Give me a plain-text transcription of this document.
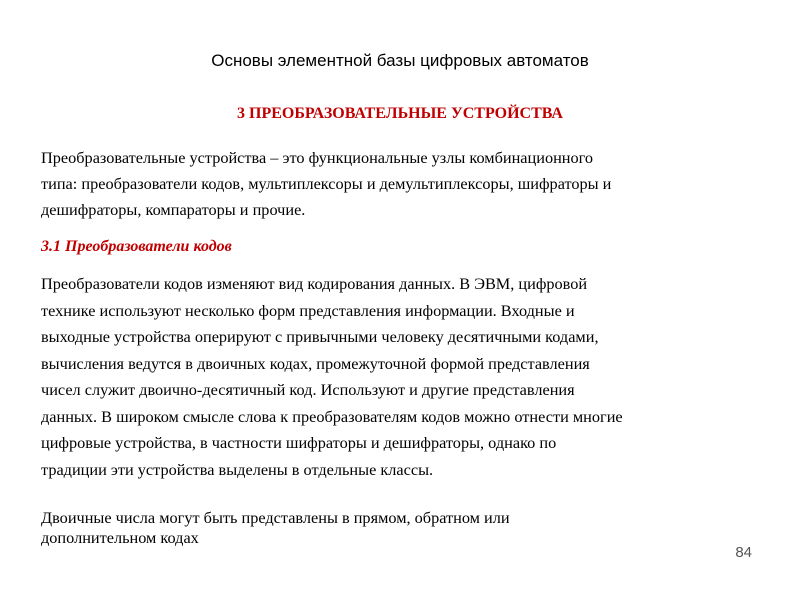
Основы элементной базы цифровых автоматов
3 ПРЕОБРАЗОВАТЕЛЬНЫЕ УСТРОЙСТВА
Преобразовательные устройства – это функциональные узлы комбинационного
типа: преобразователи кодов, мультиплексоры и демультиплексоры, шифраторы и
дешифраторы, компараторы и прочие.
3.1 Преобразователи кодов
Преобразователи кодов изменяют вид кодирования данных. В ЭВМ, цифровой
технике используют несколько форм представления информации. Входные и
выходные устройства оперируют с привычными человеку десятичными кодами,
вычисления ведутся в двоичных кодах, промежуточной формой представления
чисел служит двоично-десятичный код. Используют и другие представления
данных. В широком смысле слова к преобразователям кодов можно отнести многие
цифровые устройства, в частности шифраторы и дешифраторы, однако по
традиции эти устройства выделены в отдельные классы.
Двоичные числа могут быть представлены в прямом, обратном или
дополнительном кодах
84
